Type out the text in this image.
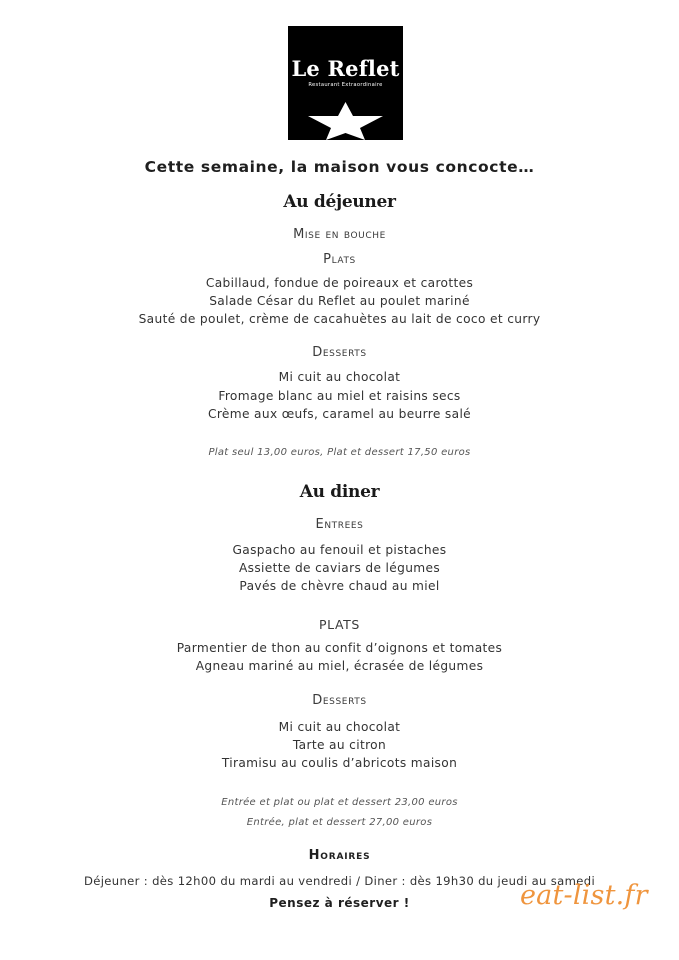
Le Reflet
Restaurant Extraordinaire
Cette semaine, la maison vous concocte…
Au déjeuner
Mise en bouche
Plats
Cabillaud, fondue de poireaux et carottes
Salade César du Reflet au poulet mariné
Sauté de poulet, crème de cacahuètes au lait de coco et curry
Desserts
Mi cuit au chocolat
Fromage blanc au miel et raisins secs
Crème aux œufs, caramel au beurre salé
Plat seul 13,00 euros, Plat et dessert 17,50 euros
Au diner
Entrees
Gaspacho au fenouil et pistaches
Assiette de caviars de légumes
Pavés de chèvre chaud au miel
PLATS
Parmentier de thon au confit d’oignons et tomates
Agneau mariné au miel, écrasée de légumes
Desserts
Mi cuit au chocolat
Tarte au citron
Tiramisu au coulis d’abricots maison
Entrée et plat ou plat et dessert 23,00 euros
Entrée, plat et dessert 27,00 euros
Horaires
Déjeuner : dès 12h00 du mardi au vendredi / Diner : dès 19h30 du jeudi au samedi
Pensez à réserver !	eat-list.fr
